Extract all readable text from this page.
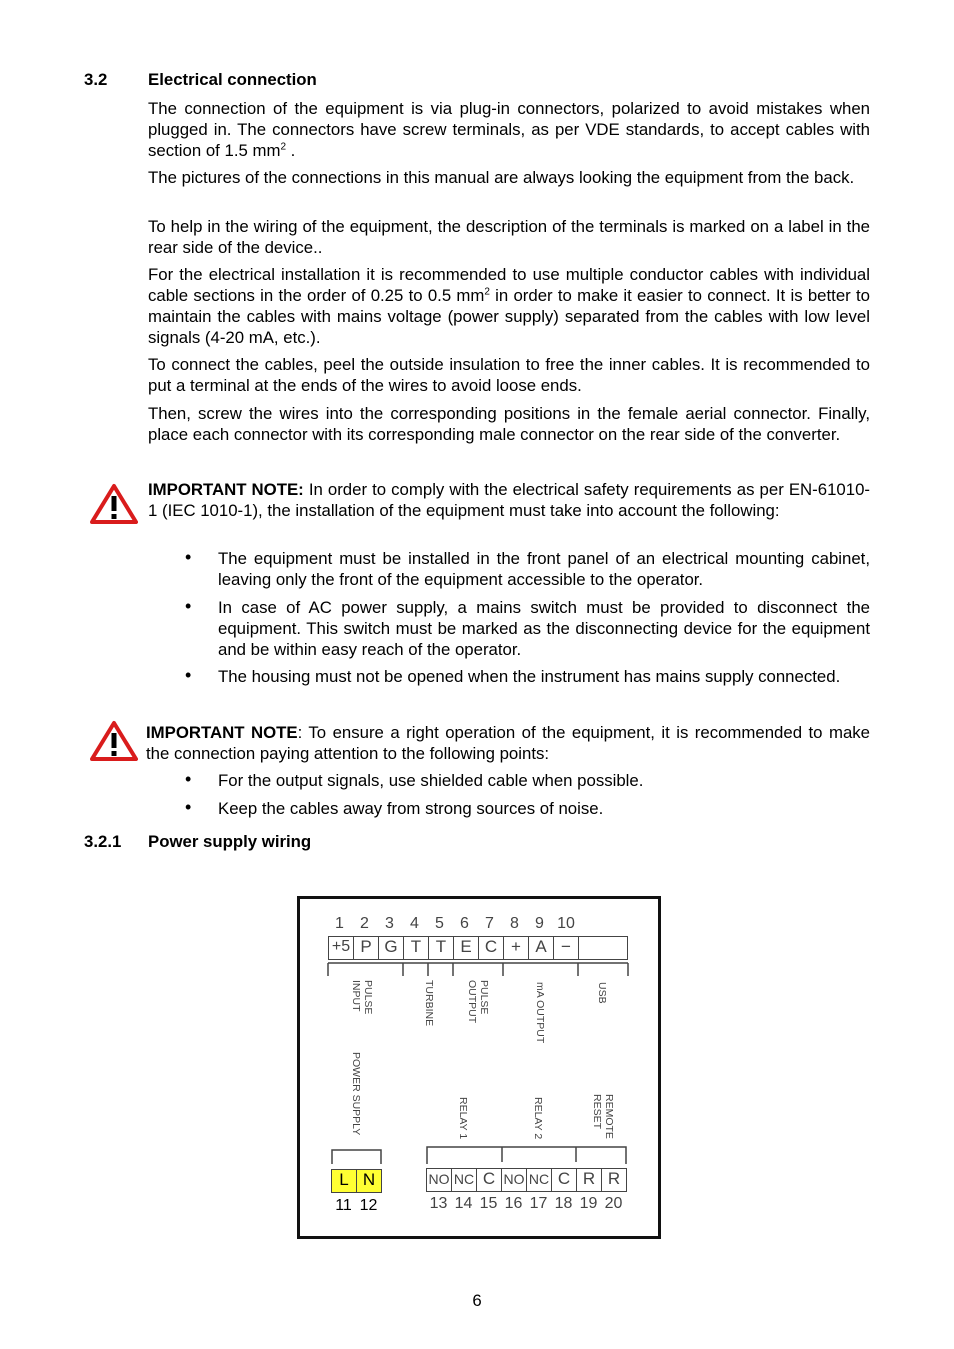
3.2 Electrical connection
The connection of the equipment is via plug-in connectors, polarized to avoid mistakes when plugged in. The connectors have screw terminals, as per VDE standards, to accept cables with section of 1.5 $mm^2$ .
The pictures of the connections in this manual are always looking the equipment from the back.
To help in the wiring of the equipment, the description of the terminals is marked on a label in the rear side of the device..
For the electrical installation it is recommended to use multiple conductor cables with individual cable sections in the order of 0.25 to 0.5 $mm^2$ in order to make it easier to connect. It is better to maintain the cables with mains voltage (power supply) separated from the cables with low level signals (4-20 mA, etc.).
To connect the cables, peel the outside insulation to free the inner cables. It is recommended to put a terminal at the ends of the wires to avoid loose ends.
Then, screw the wires into the corresponding positions in the female aerial connector. Finally, place each connector with its corresponding male connector on the rear side of the converter.
IMPORTANT NOTE: In order to comply with the electrical safety requirements as per EN-61010-1 (IEC 1010-1), the installation of the equipment must take into account the following:
• The equipment must be installed in the front panel of an electrical mounting cabinet, leaving only the front of the equipment accessible to the operator.
• In case of AC power supply, a mains switch must be provided to disconnect the equipment. This switch must be marked as the disconnecting device for the equipment and be within easy reach of the operator.
• The housing must not be opened when the instrument has mains supply connected.
IMPORTANT NOTE: To ensure a right operation of the equipment, it is recommended to make the connection paying attention to the following points:
• For the output signals, use shielded cable when possible.
• Keep the cables away from strong sources of noise.
3.2.1 Power supply wiring
1	2	3	4	5	6	7	8	9 10
+5 P G T T E C + A −
PULSE
INPUT	TURBINE	PULSE
OUTPUT	mA OUTPUT	USB
POWER SUPPLY	RELAY 1	RELAY 2	REMOTE
RESET
L N
11 12
NO NC C NO NC C R R
13 14 15 16 17 18 19 20
6
